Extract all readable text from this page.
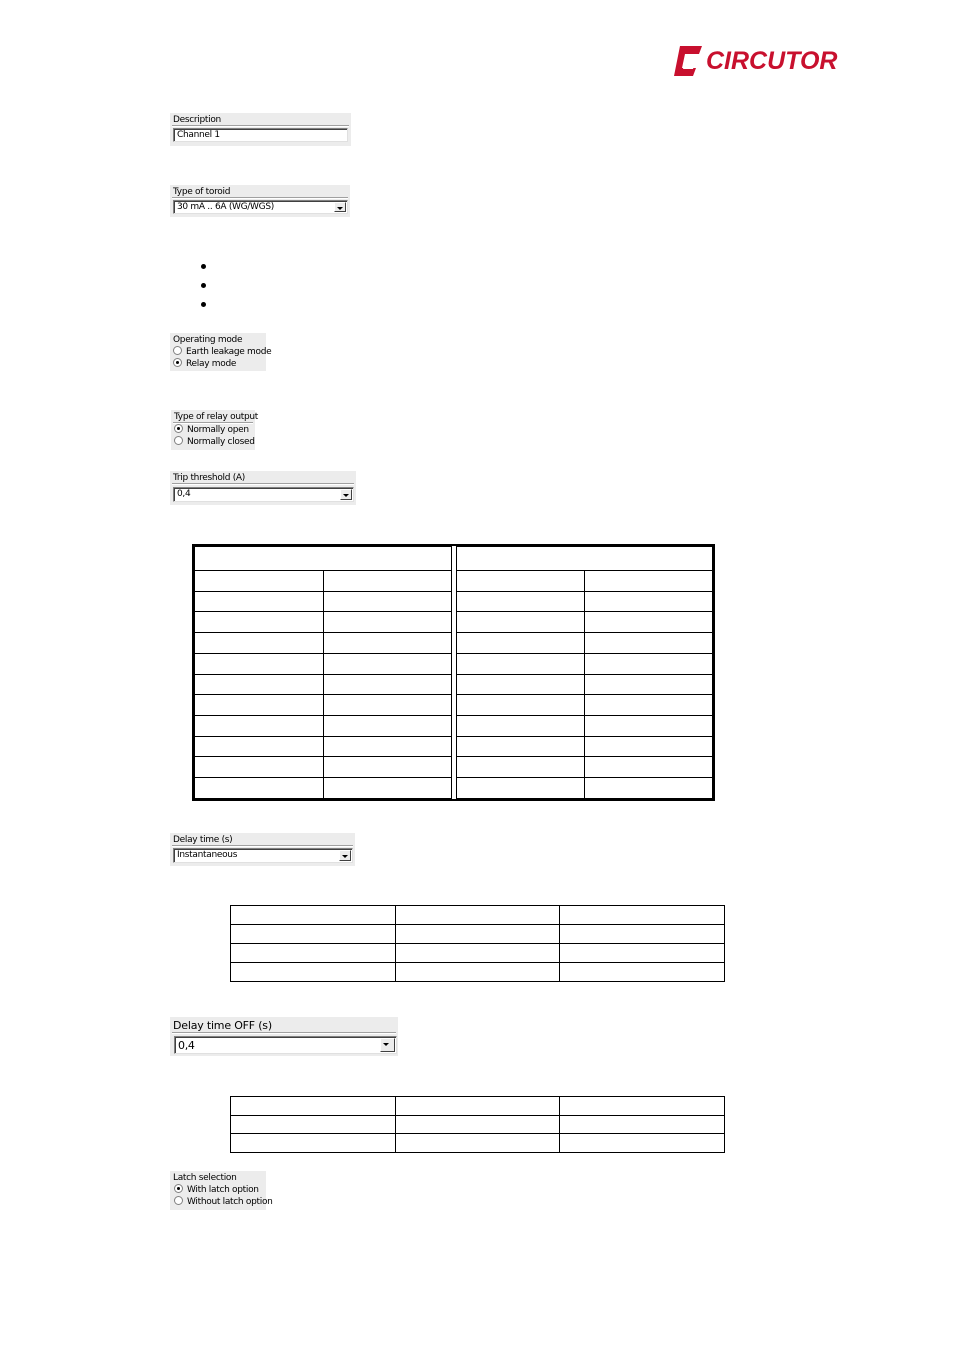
CIRCUTOR
Description
Channel 1
Type of toroid
30 mA .. 6A (WG/WGS)
Operating mode
Earth leakage mode
Relay mode
Type of relay output
Normally open
Normally closed
Trip threshold (A)
0,4

Delay time (s)
Instantaneous

Delay time OFF (s)
0,4

Latch selection
With latch option
Without latch option
